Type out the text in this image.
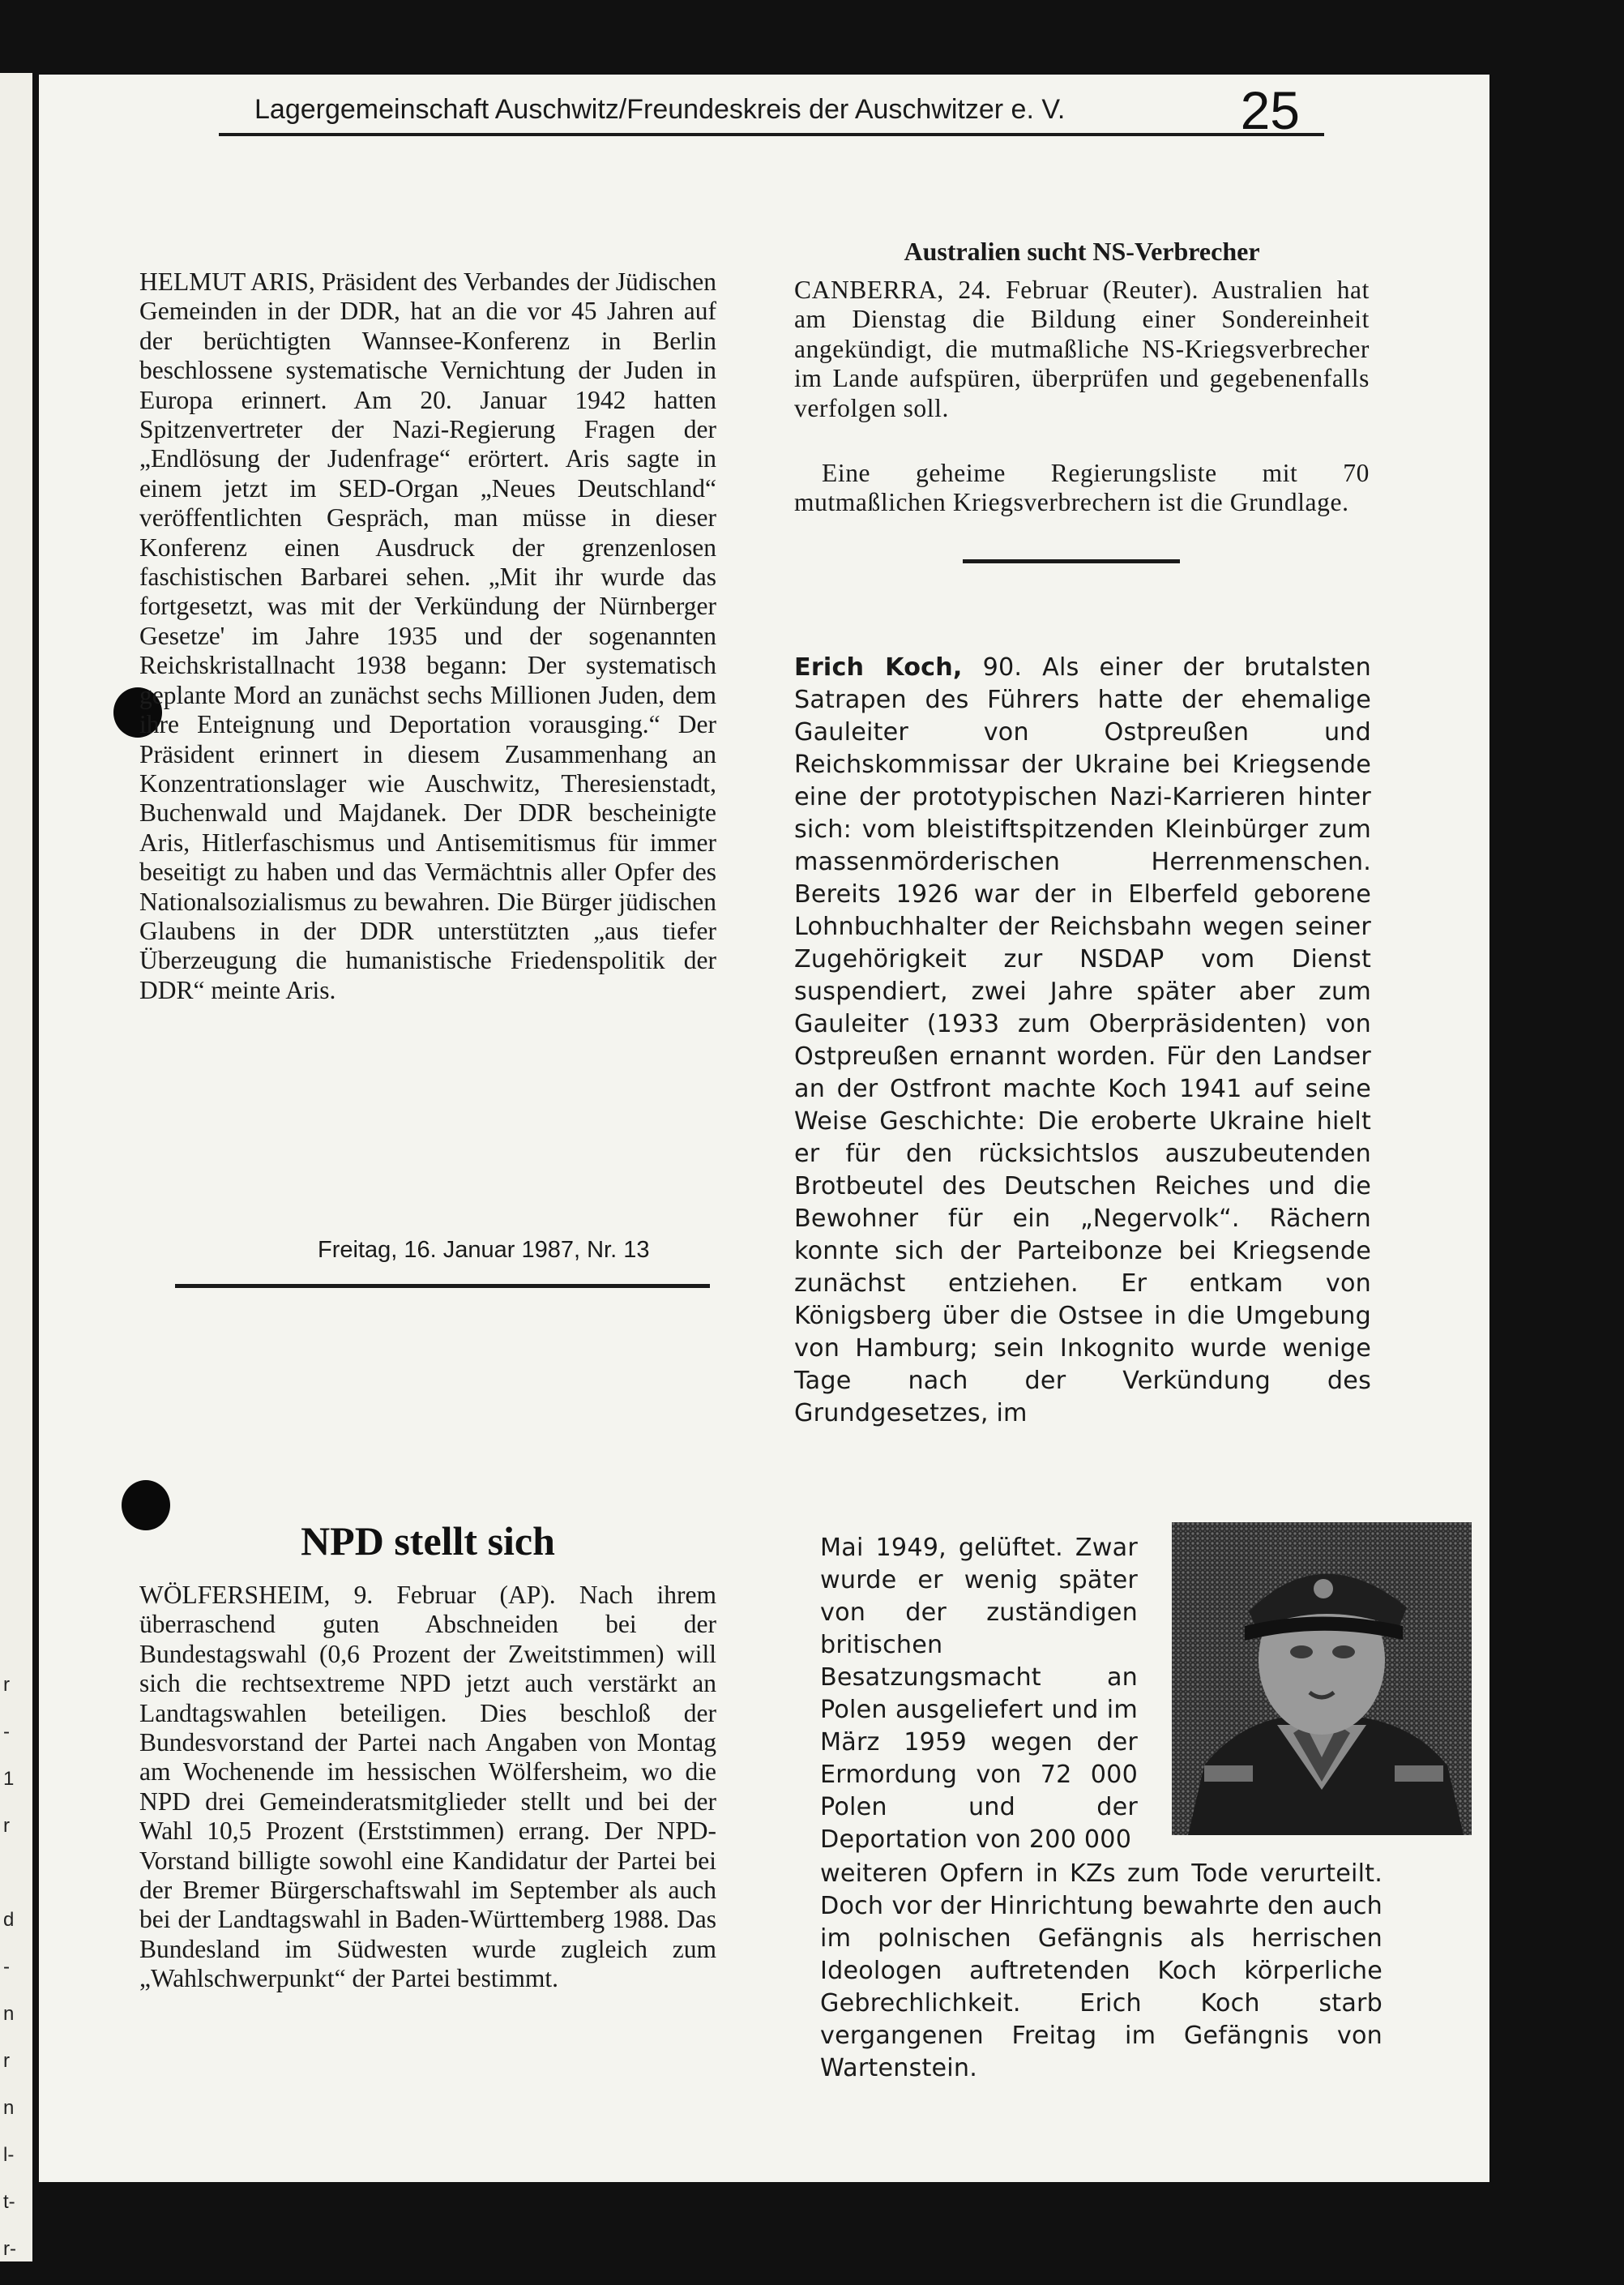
r
-
1
r

d
-
n
r
n
l-
t-
r-
Lagergemeinschaft Auschwitz/Freundeskreis der Auschwitzer e. V.	25
HELMUT ARIS, Präsident des Verbandes der Jüdischen Gemeinden in der DDR, hat an die vor 45 Jahren auf der berüchtigten Wannsee-Konferenz in Berlin beschlossene systematische Vernichtung der Juden in Europa erinnert. Am 20. Januar 1942 hatten Spitzenvertreter der Nazi-Regierung Fragen der „Endlösung der Judenfrage“ erörtert. Aris sagte in einem jetzt im SED-Organ „Neues Deutschland“ veröffentlichten Gespräch, man müsse in dieser Konferenz einen Ausdruck der grenzenlosen faschistischen Barbarei sehen. „Mit ihr wurde das fortgesetzt, was mit der Verkündung der Nürnberger Gesetze' im Jahre 1935 und der sogenannten Reichskristallnacht 1938 begann: Der systematisch geplante Mord an zunächst sechs Millionen Juden, dem ihre Enteignung und Deportation vorausging.“ Der Präsident erinnert in diesem Zusammenhang an Konzentrationslager wie Auschwitz, Theresienstadt, Buchenwald und Majdanek. Der DDR bescheinigte Aris, Hitlerfaschismus und Antisemitismus für immer beseitigt zu haben und das Vermächtnis aller Opfer des Nationalsozialismus zu bewahren. Die Bürger jüdischen Glaubens in der DDR unterstützten „aus tiefer Überzeugung die humanistische Friedenspolitik der DDR“ meinte Aris.
Freitag, 16. Januar 1987, Nr. 13
NPD stellt sich
WÖLFERSHEIM, 9. Februar (AP). Nach ihrem überraschend guten Abschneiden bei der Bundestagswahl (0,6 Prozent der Zweitstimmen) will sich die rechtsextreme NPD jetzt auch verstärkt an Landtagswahlen beteiligen. Dies beschloß der Bundesvorstand der Partei nach Angaben von Montag am Wochenende im hessischen Wölfersheim, wo die NPD drei Gemeinderatsmitglieder stellt und bei der Wahl 10,5 Prozent (Erststimmen) errang. Der NPD-Vorstand billigte sowohl eine Kandidatur der Partei bei der Bremer Bürgerschaftswahl im September als auch bei der Landtagswahl in Baden-Württemberg 1988. Das Bundesland im Südwesten wurde zugleich zum „Wahlschwerpunkt“ der Partei bestimmt.
Australien sucht NS-Verbrecher
CANBERRA, 24. Februar (Reuter). Australien hat am Dienstag die Bildung einer Sondereinheit angekündigt, die mutmaßliche NS-Kriegsverbrecher im Lande aufspüren, überprüfen und gegebenenfalls verfolgen soll.
Eine geheime Regierungsliste mit 70 mutmaßlichen Kriegsverbrechern ist die Grundlage.
Erich Koch, 90. Als einer der brutalsten Satrapen des Führers hatte der ehemalige Gauleiter von Ostpreußen und Reichskommissar der Ukraine bei Kriegsende eine der prototypischen Nazi-Karrieren hinter sich: vom bleistiftspitzenden Kleinbürger zum massenmörderischen Herrenmenschen. Bereits 1926 war der in Elberfeld geborene Lohnbuchhalter der Reichsbahn wegen seiner Zugehörigkeit zur NSDAP vom Dienst suspendiert, zwei Jahre später aber zum Gauleiter (1933 zum Oberpräsidenten) von Ostpreußen ernannt worden. Für den Landser an der Ostfront machte Koch 1941 auf seine Weise Geschichte: Die eroberte Ukraine hielt er für den rücksichtslos auszubeutenden Brotbeutel des Deutschen Reiches und die Bewohner für ein „Negervolk“. Rächern konnte sich der Parteibonze bei Kriegsende zunächst entziehen. Er entkam von Königsberg über die Ostsee in die Umgebung von Hamburg; sein Inkognito wurde wenige Tage nach der Verkündung des Grundgesetzes, im
Mai 1949, gelüftet. Zwar wurde er wenig später von der zuständigen britischen Besatzungsmacht an Polen ausgeliefert und im März 1959 wegen der Ermordung von 72 000 Polen und der Deportation von 200 000
weiteren Opfern in KZs zum Tode verurteilt. Doch vor der Hinrichtung bewahrte den auch im polnischen Gefängnis als herrischen Ideologen auftretenden Koch körperliche Gebrechlichkeit. Erich Koch starb vergangenen Freitag im Gefängnis von Wartenstein.
